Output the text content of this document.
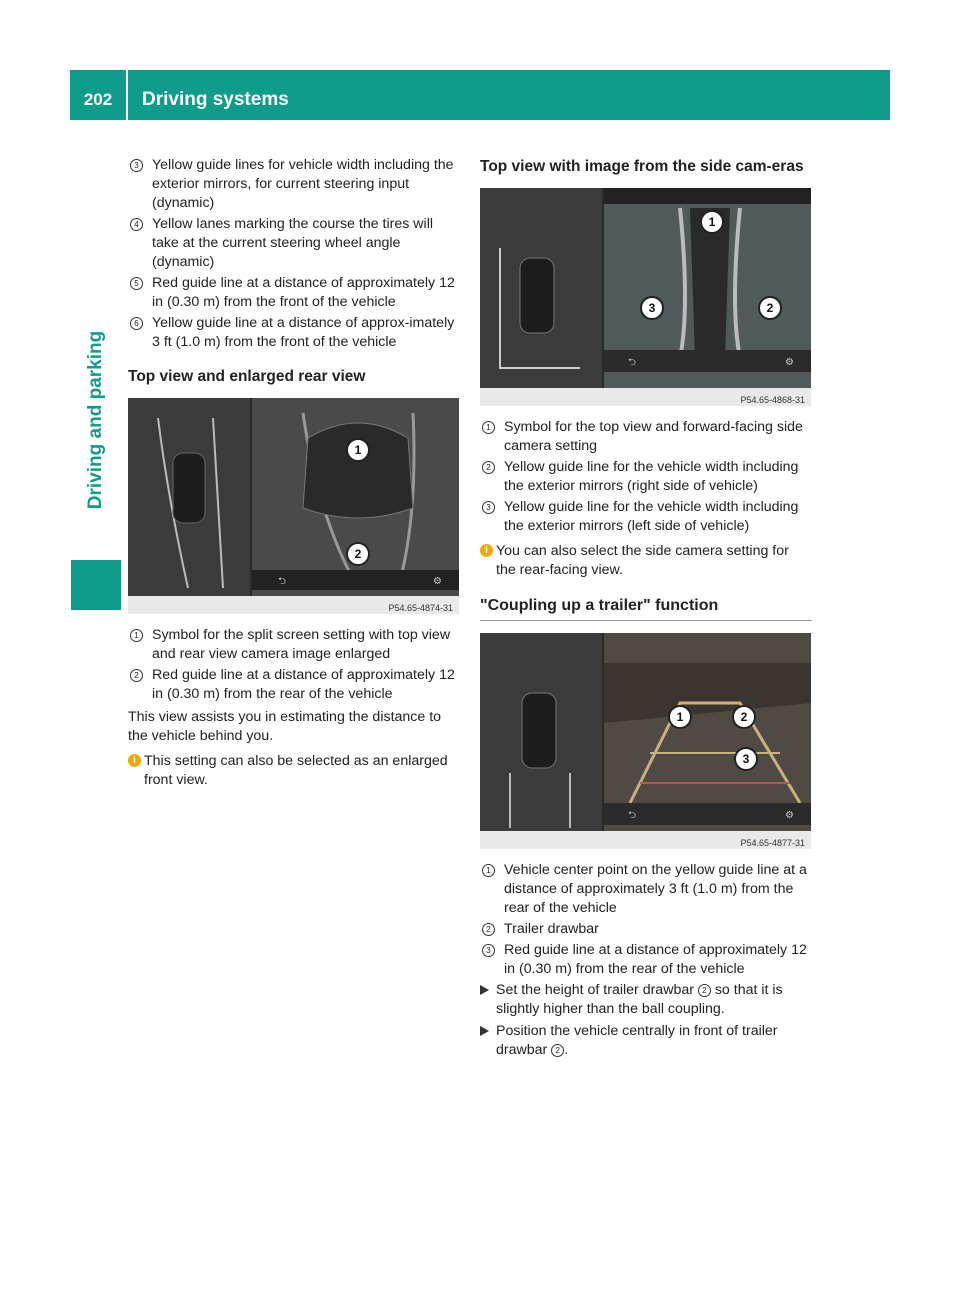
202	Driving systems
Driving and parking
3 Yellow guide lines for vehicle width including the exterior mirrors, for current steering input (dynamic)
4 Yellow lanes marking the course the tires will take at the current steering wheel angle (dynamic)
5 Red guide line at a distance of approximately 12 in (0.30 m) from the front of the vehicle
6 Yellow guide line at a distance of approx-imately 3 ft (1.0 m) from the front of the vehicle
Top view and enlarged rear view
⮌	⚙
1
2
P54.65-4874-31
1 Symbol for the split screen setting with top view and rear view camera image enlarged
2 Red guide line at a distance of approximately 12 in (0.30 m) from the rear of the vehicle
This view assists you in estimating the distance to the vehicle behind you.
i This setting can also be selected as an enlarged front view.
Top view with image from the side cam-eras
⮌	⚙
1
2
3
P54.65-4868-31
1 Symbol for the top view and forward-facing side camera setting
2 Yellow guide line for the vehicle width including the exterior mirrors (right side of vehicle)
3 Yellow guide line for the vehicle width including the exterior mirrors (left side of vehicle)
i You can also select the side camera setting for the rear-facing view.
"Coupling up a trailer" function
⮌	⚙
1	2
3
P54.65-4877-31
1 Vehicle center point on the yellow guide line at a distance of approximately 3 ft (1.0 m) from the rear of the vehicle
2 Trailer drawbar
3 Red guide line at a distance of approximately 12 in (0.30 m) from the rear of the vehicle
Set the height of trailer drawbar 2 so that it is slightly higher than the ball coupling.
Position the vehicle centrally in front of trailer drawbar 2 .
